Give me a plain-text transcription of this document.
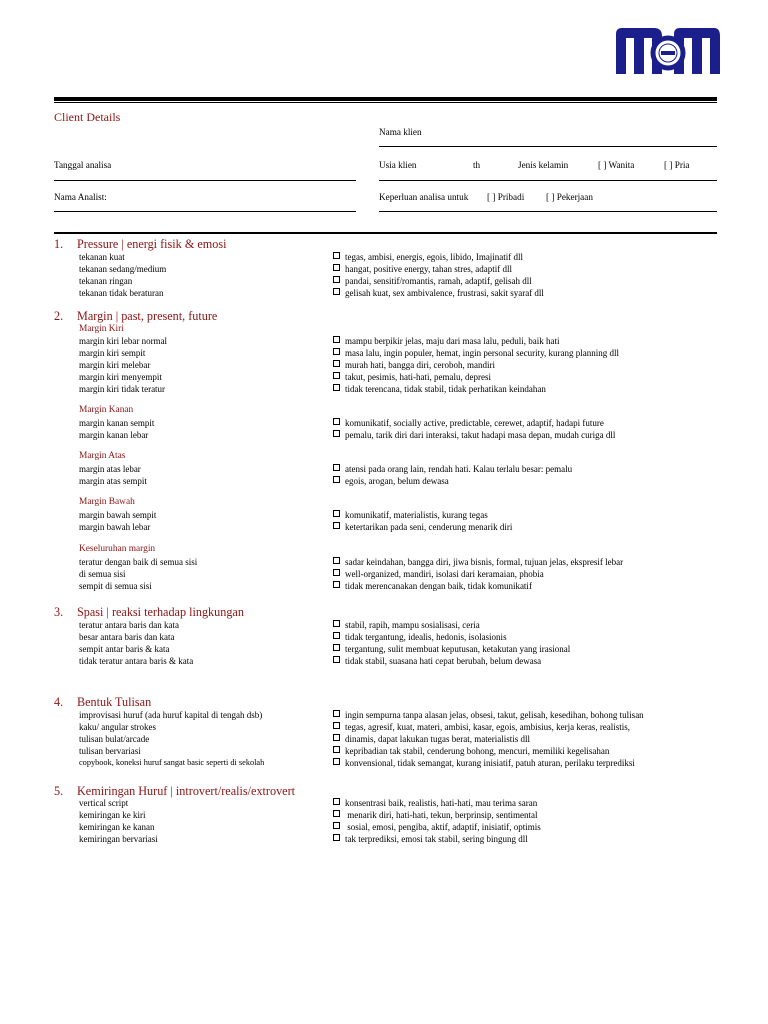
Client Details
Nama klien
Tanggal analisa	Usia klien	th	Jenis kelamin	[ ] Wanita	[ ] Pria
Nama Analist:	Keperluan analisa untuk [ ] Pribadi [ ] Pekerjaan
1. Pressure | energi fisik & emosi
tekanan kuat	tegas, ambisi, energis, egois, libido, Imajinatif dll
tekanan sedang/medium	hangat, positive energy, tahan stres, adaptif dll
tekanan ringan	pandai, sensitif/romantis, ramah, adaptif, gelisah dll
tekanan tidak beraturan	gelisah kuat, sex ambivalence, frustrasi, sakit syaraf dll
2. Margin | past, present, future
Margin Kiri
margin kiri lebar normal	mampu berpikir jelas, maju dari masa lalu, peduli, baik hati
margin kiri sempit	masa lalu, ingin populer, hemat, ingin personal security, kurang planning dll
margin kiri melebar	murah hati, bangga diri, ceroboh, mandiri
margin kiri menyempit	takut, pesimis, hati-hati, pemalu, depresi
margin kiri tidak teratur	tidak terencana, tidak stabil, tidak perhatikan keindahan
Margin Kanan
margin kanan sempit	komunikatif, socially active, predictable, cerewet, adaptif, hadapi future
margin kanan lebar	pemalu, tarik diri dari interaksi, takut hadapi masa depan, mudah curiga dll
Margin Atas
margin atas lebar	atensi pada orang lain, rendah hati. Kalau terlalu besar: pemalu
margin atas sempit	egois, arogan, belum dewasa
Margin Bawah
margin bawah sempit	komunikatif, materialistis, kurang tegas
margin bawah lebar	ketertarikan pada seni, cenderung menarik diri
Keseluruhan margin
teratur dengan baik di semua sisi	sadar keindahan, bangga diri, jiwa bisnis, formal, tujuan jelas, ekspresif lebar
di semua sisi	well-organized, mandiri, isolasi dari keramaian, phobia
sempit di semua sisi	tidak merencanakan dengan baik, tidak komunikatif
3. Spasi | reaksi terhadap lingkungan
teratur antara baris dan kata	stabil, rapih, mampu sosialisasi, ceria
besar antara baris dan kata	tidak tergantung, idealis, hedonis, isolasionis
sempit antar baris & kata	tergantung, sulit membuat keputusan, ketakutan yang irasional
tidak teratur antara baris & kata	tidak stabil, suasana hati cepat berubah, belum dewasa
4. Bentuk Tulisan
improvisasi huruf (ada huruf kapital di tengah dsb)	ingin sempurna tanpa alasan jelas, obsesi, takut, gelisah, kesedihan, bohong tulisan
kaku/ angular strokes	tegas, agresif, kuat, materi, ambisi, kasar, egois, ambisius, kerja keras, realistis,
tulisan bulat/arcade	dinamis, dapat lakukan tugas berat, materialistis dll
tulisan bervariasi	kepribadian tak stabil, cenderung bohong, mencuri, memiliki kegelisahan
copybook, koneksi huruf sangat basic seperti di sekolah	konvensional, tidak semangat, kurang inisiatif, patuh aturan, perilaku terprediksi
5. Kemiringan Huruf | introvert/realis/extrovert
vertical script	konsentrasi baik, realistis, hati-hati, mau terima saran
kemiringan ke kiri	menarik diri, hati-hati, tekun, berprinsip, sentimental
kemiringan ke kanan	sosial, emosi, pengiba, aktif, adaptif, inisiatif, optimis
kemiringan bervariasi	tak terprediksi, emosi tak stabil, sering bingung dll
